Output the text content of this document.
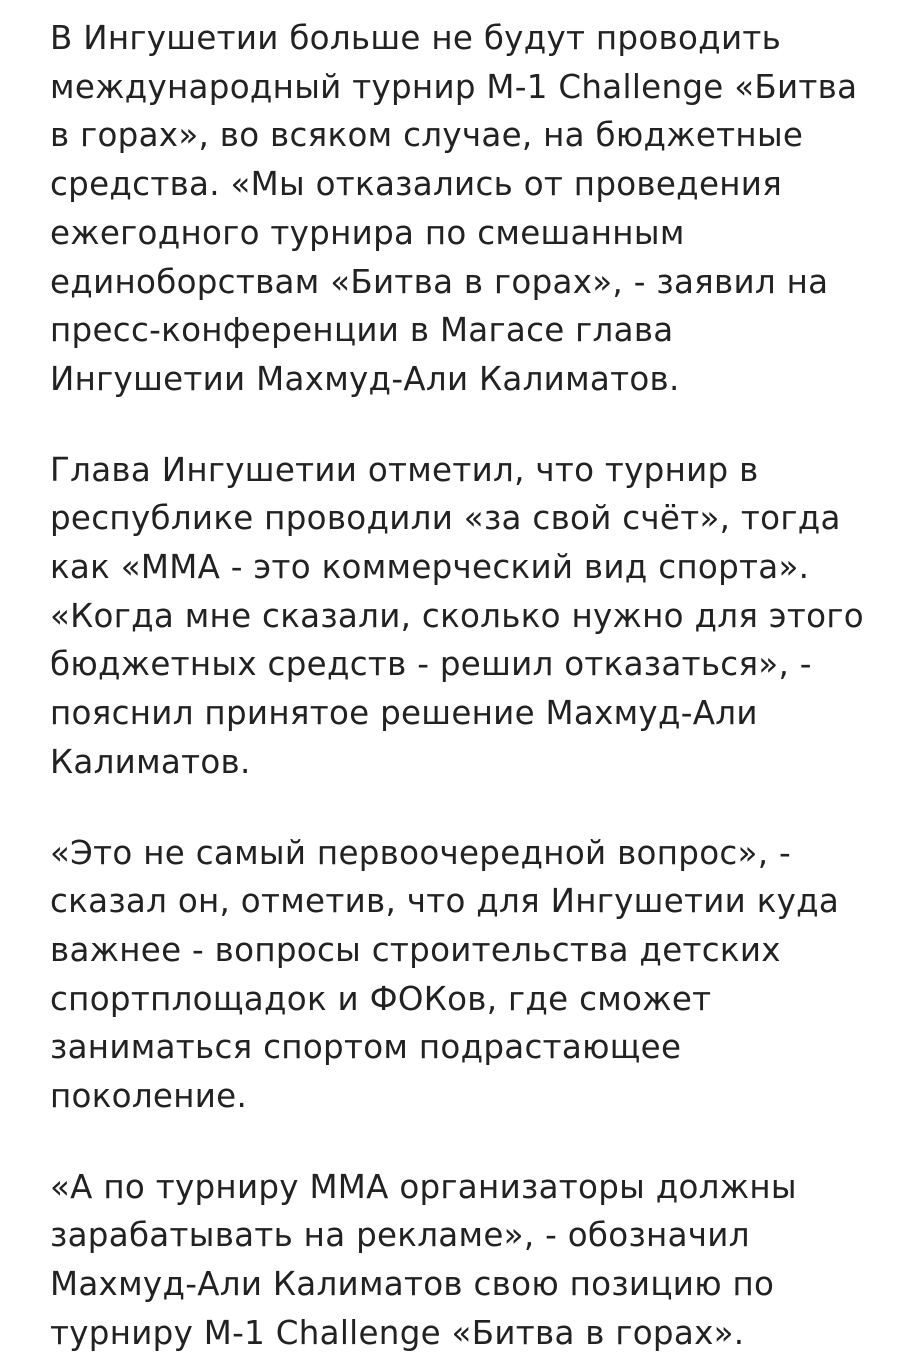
В Ингушетии больше не будут проводить международный турнир М-1 Challenge «Битва в горах», во всяком случае, на бюджетные средства. «Мы отказались от проведения ежегодного турнира по смешанным единоборствам «Битва в горах», - заявил на пресс-конференции в Магасе глава Ингушетии Махмуд-Али Калиматов.

Глава Ингушетии отметил, что турнир в республике проводили «за свой счёт», тогда как «ММА - это коммерческий вид спорта». «Когда мне сказали, сколько нужно для этого бюджетных средств - решил отказаться», - пояснил принятое решение Махмуд-Али Калиматов.

«Это не самый первоочередной вопрос», - сказал он, отметив, что для Ингушетии куда важнее - вопросы строительства детских спортплощадок и ФОКов, где сможет заниматься спортом подрастающее поколение.

«А по турниру ММА организаторы должны зарабатывать на рекламе», - обозначил Махмуд-Али Калиматов свою позицию по турниру М-1 Challenge «Битва в горах».
